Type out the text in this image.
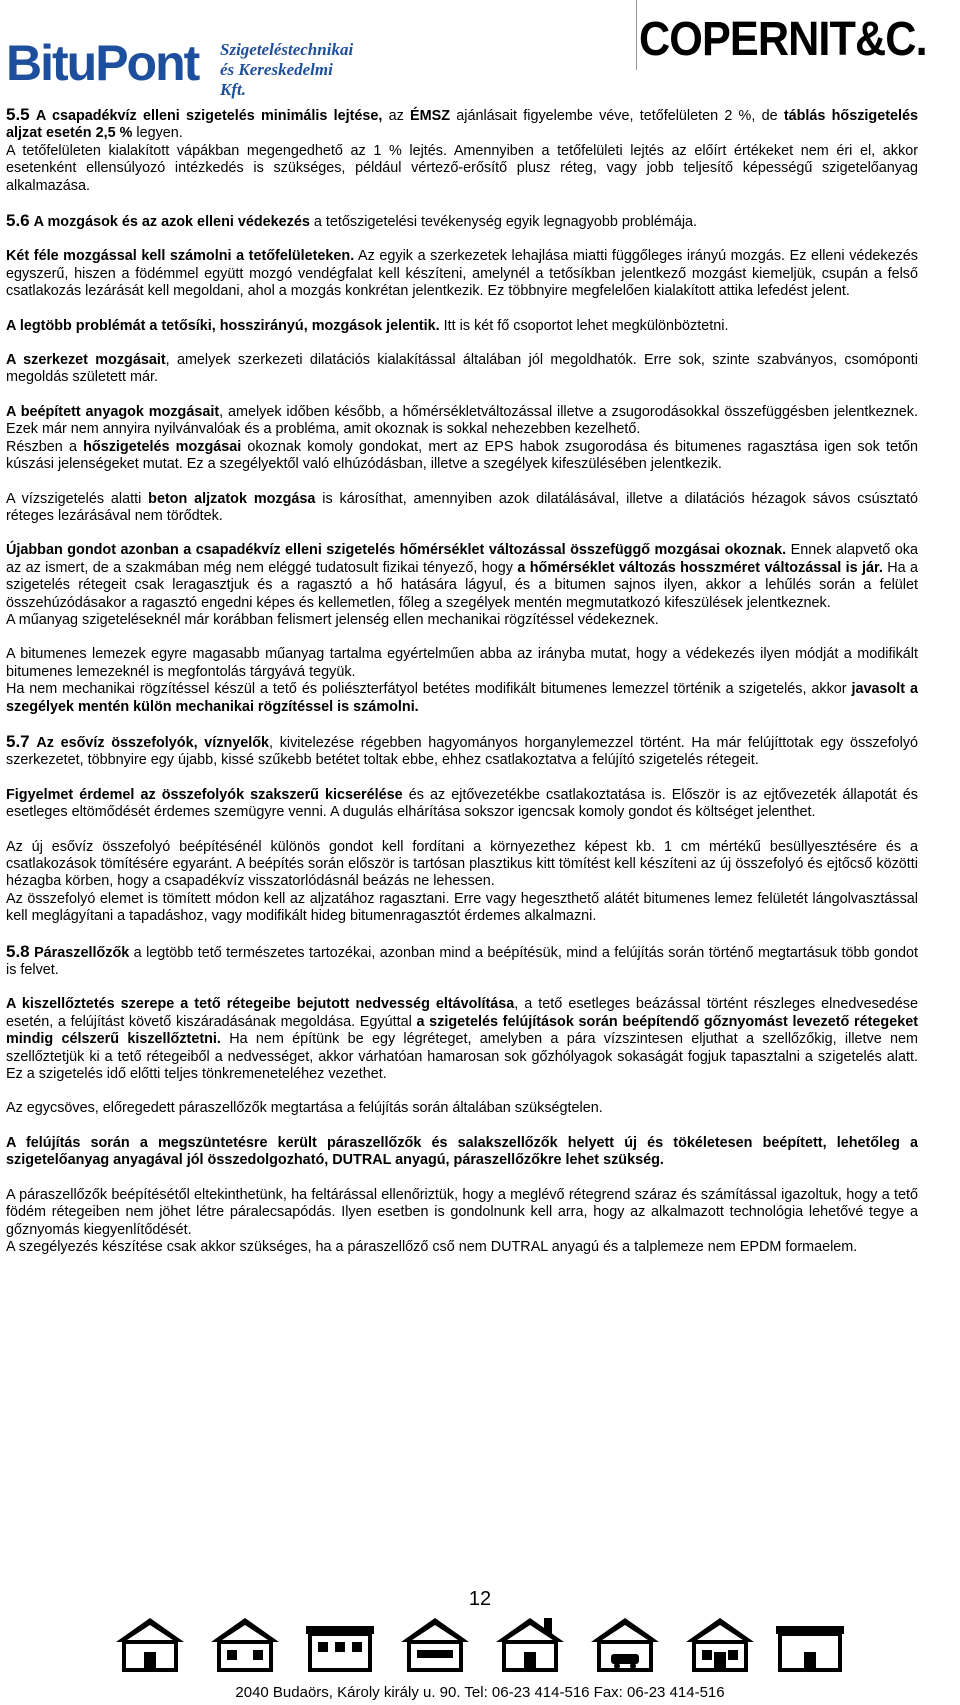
BituPont Szigeteléstechnikai
és Kereskedelmi Kft.
COPERNIT&C.

5.5 A csapadékvíz elleni szigetelés minimális lejtése, az ÉMSZ ajánlásait figyelembe véve, tetőfelületen 2 %, de táblás hőszigetelés aljzat esetén 2,5 % legyen.

A tetőfelületen kialakított vápákban megengedhető az 1 % lejtés. Amennyiben a tetőfelületi lejtés az előírt értékeket nem éri el, akkor esetenként ellensúlyozó intézkedés is szükséges, például vértező-erősítő plusz réteg, vagy jobb teljesítő képességű szigetelőanyag alkalmazása.

5.6 A mozgások és az azok elleni védekezés a tetőszigetelési tevékenység egyik legnagyobb problémája.

Két féle mozgással kell számolni a tetőfelületeken. Az egyik a szerkezetek lehajlása miatti függőleges irányú mozgás. Ez elleni védekezés egyszerű, hiszen a födémmel együtt mozgó vendégfalat kell készíteni, amelynél a tetősíkban jelentkező mozgást kiemeljük, csupán a felső csatlakozás lezárását kell megoldani, ahol a mozgás konkrétan jelentkezik. Ez többnyire megfelelően kialakított attika lefedést jelent.

A legtöbb problémát a tetősíki, hosszirányú, mozgások jelentik. Itt is két fő csoportot lehet megkülönböztetni.

A szerkezet mozgásait, amelyek szerkezeti dilatációs kialakítással általában jól megoldhatók. Erre sok, szinte szabványos, csomóponti megoldás született már.

A beépített anyagok mozgásait, amelyek időben később, a hőmérsékletváltozással illetve a zsugorodásokkal összefüggésben jelentkeznek. Ezek már nem annyira nyilvánvalóak és a probléma, amit okoznak is sokkal nehezebben kezelhető.

Részben a hőszigetelés mozgásai okoznak komoly gondokat, mert az EPS habok zsugorodása és bitumenes ragasztása igen sok tetőn kúszási jelenségeket mutat. Ez a szegélyektől való elhúzódásban, illetve a szegélyek kifeszülésében jelentkezik.

A vízszigetelés alatti beton aljzatok mozgása is károsíthat, amennyiben azok dilatálásával, illetve a dilatációs hézagok sávos csúsztató réteges lezárásával nem törődtek.

Újabban gondot azonban a csapadékvíz elleni szigetelés hőmérséklet változással összefüggő mozgásai okoznak. Ennek alapvető oka az az ismert, de a szakmában még nem eléggé tudatosult fizikai tényező, hogy a hőmérséklet változás hosszméret változással is jár. Ha a szigetelés rétegeit csak leragasztjuk és a ragasztó a hő hatására lágyul, és a bitumen sajnos ilyen, akkor a lehűlés során a felület összehúzódásakor a ragasztó engedni képes és kellemetlen, főleg a szegélyek mentén megmutatkozó kifeszülések jelentkeznek.

A műanyag szigeteléseknél már korábban felismert jelenség ellen mechanikai rögzítéssel védekeznek.

A bitumenes lemezek egyre magasabb műanyag tartalma egyértelműen abba az irányba mutat, hogy a védekezés ilyen módját a modifikált bitumenes lemezeknél is megfontolás tárgyává tegyük.

Ha nem mechanikai rögzítéssel készül a tető és poliészterfátyol betétes modifikált bitumenes lemezzel történik a szigetelés, akkor javasolt a szegélyek mentén külön mechanikai rögzítéssel is számolni.

5.7 Az esővíz összefolyók, víznyelők, kivitelezése régebben hagyományos horganylemezzel történt. Ha már felújíttotak egy összefolyó szerkezetet, többnyire egy újabb, kissé szűkebb betétet toltak ebbe, ehhez csatlakoztatva a felújító szigetelés rétegeit.

Figyelmet érdemel az összefolyók szakszerű kicserélése és az ejtővezetékbe csatlakoztatása is. Először is az ejtővezeték állapotát és esetleges eltömődését érdemes szemügyre venni. A dugulás elhárítása sokszor igencsak komoly gondot és költséget jelenthet.

Az új esővíz összefolyó beépítésénél különös gondot kell fordítani a környezethez képest kb. 1 cm mértékű besüllyesztésére és a csatlakozások tömítésére egyaránt. A beépítés során először is tartósan plasztikus kitt tömítést kell készíteni az új összefolyó és ejtőcső közötti hézagba körben, hogy a csapadékvíz visszatorlódásnál beázás ne lehessen.

Az összefolyó elemet is tömített módon kell az aljzatához ragasztani. Erre vagy hegeszthető alátét bitumenes lemez felületét lángolvasztással kell meglágyítani a tapadáshoz, vagy modifikált hideg bitumenragasztót érdemes alkalmazni.

5.8 Páraszellőzők a legtöbb tető természetes tartozékai, azonban mind a beépítésük, mind a felújítás során történő megtartásuk több gondot is felvet.

A kiszellőztetés szerepe a tető rétegeibe bejutott nedvesség eltávolítása, a tető esetleges beázással történt részleges elnedvesedése esetén, a felújítást követő kiszáradásának megoldása. Egyúttal a szigetelés felújítások során beépítendő gőznyomást levezető rétegeket mindig célszerű kiszellőztetni. Ha nem építünk be egy légréteget, amelyben a pára vízszintesen eljuthat a szellőzőkig, illetve nem szellőztetjük ki a tető rétegeiből a nedvességet, akkor várhatóan hamarosan sok gőzhólyagok sokaságát fogjuk tapasztalni a szigetelés alatt. Ez a szigetelés idő előtti teljes tönkremeneteléhez vezethet.

Az egycsöves, előregedett páraszellőzők megtartása a felújítás során általában szükségtelen.

A felújítás során a megszüntetésre került páraszellőzők és salakszellőzők helyett új és tökéletesen beépített, lehetőleg a szigetelőanyag anyagával jól összedolgozható, DUTRAL anyagú, páraszellőzőkre lehet szükség.

A páraszellőzők beépítésétől eltekinthetünk, ha feltárással ellenőriztük, hogy a meglévő rétegrend száraz és számítással igazoltuk, hogy a tető födém rétegeiben nem jöhet létre páralecsapódás. Ilyen esetben is gondolnunk kell arra, hogy az alkalmazott technológia lehetővé tegye a gőznyomás kiegyenlítődését.

A szegélyezés készítése csak akkor szükséges, ha a páraszellőző cső nem DUTRAL anyagú és a talplemeze nem EPDM formaelem.

12
2040 Budaörs, Károly király u. 90. Tel: 06-23 414-516 Fax: 06-23 414-516
